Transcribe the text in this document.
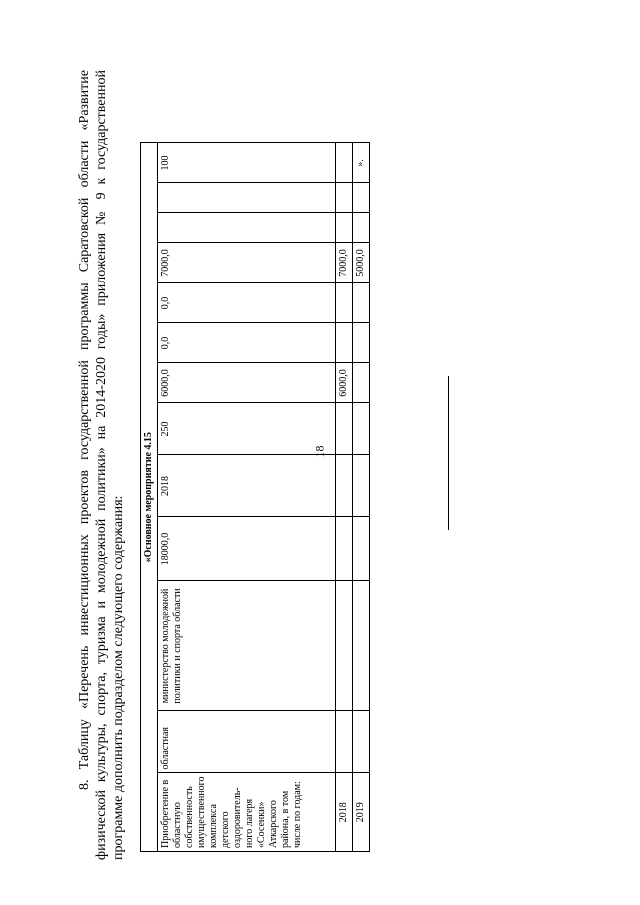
18

8. Таблицу «Перечень инвестиционных проектов государственной программы Саратовской области «Развитие физической культуры, спорта, туризма и молодежной политики» на 2014-2020 годы» приложения № 9 к государственной программе дополнить подразделом следующего содержания: «Основное мероприятие 4.15												
Приобретение в областную собственность имущественного комплекса детского оздоровитель-ного лагеря «Сосенки» Аткарского района, в том числе по годам:	областная	министерство молодежной политики и спорта области	18000,0	2018	250	6000,0	0,0	0,0	7000,0			100
2018						6000,0			7000,0			
2019									5000,0			».
